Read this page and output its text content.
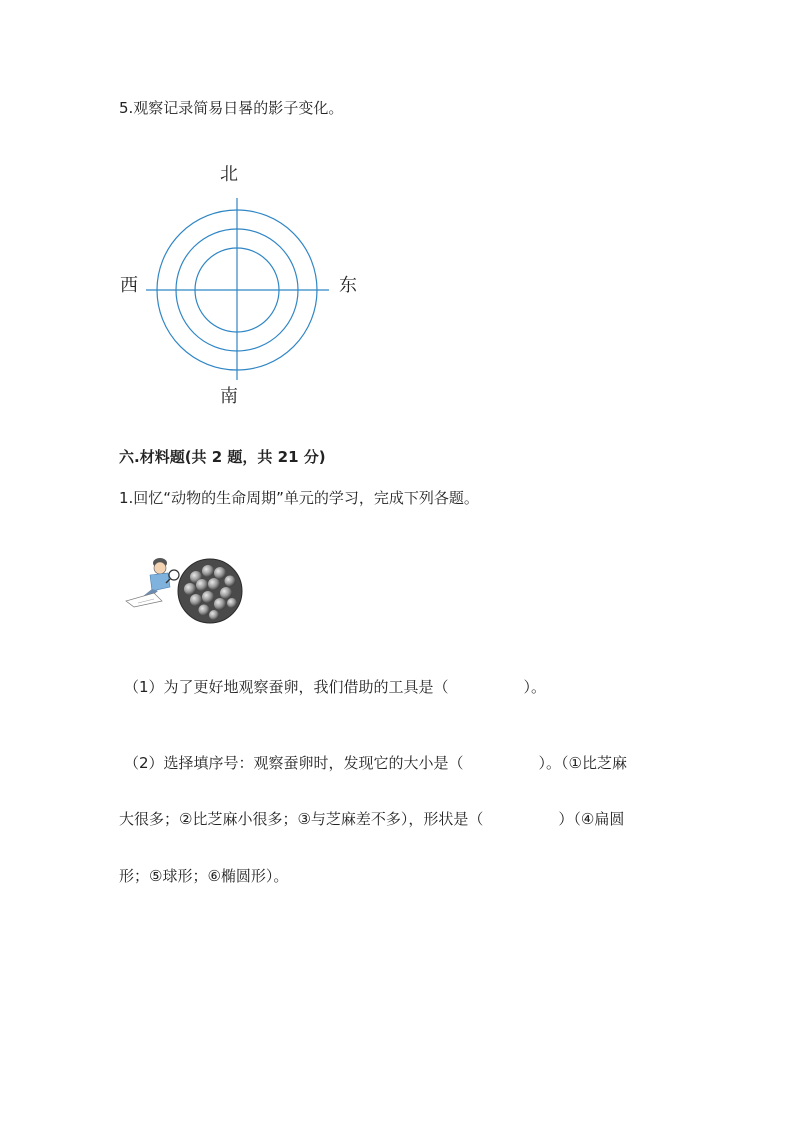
5.观察记录简易日晷的影子变化。
北
西	东
南
六.材料题(共 2 题，共 21 分)
1.回忆“动物的生命周期”单元的学习，完成下列各题。
（1）为了更好地观察蚕卵，我们借助的工具是（　　　　　）。
（2）选择填序号：观察蚕卵时，发现它的大小是（　　　　　）。（①比芝麻
大很多；②比芝麻小很多；③与芝麻差不多），形状是（　　　　　）（④扁圆
形；⑤球形；⑥椭圆形）。
